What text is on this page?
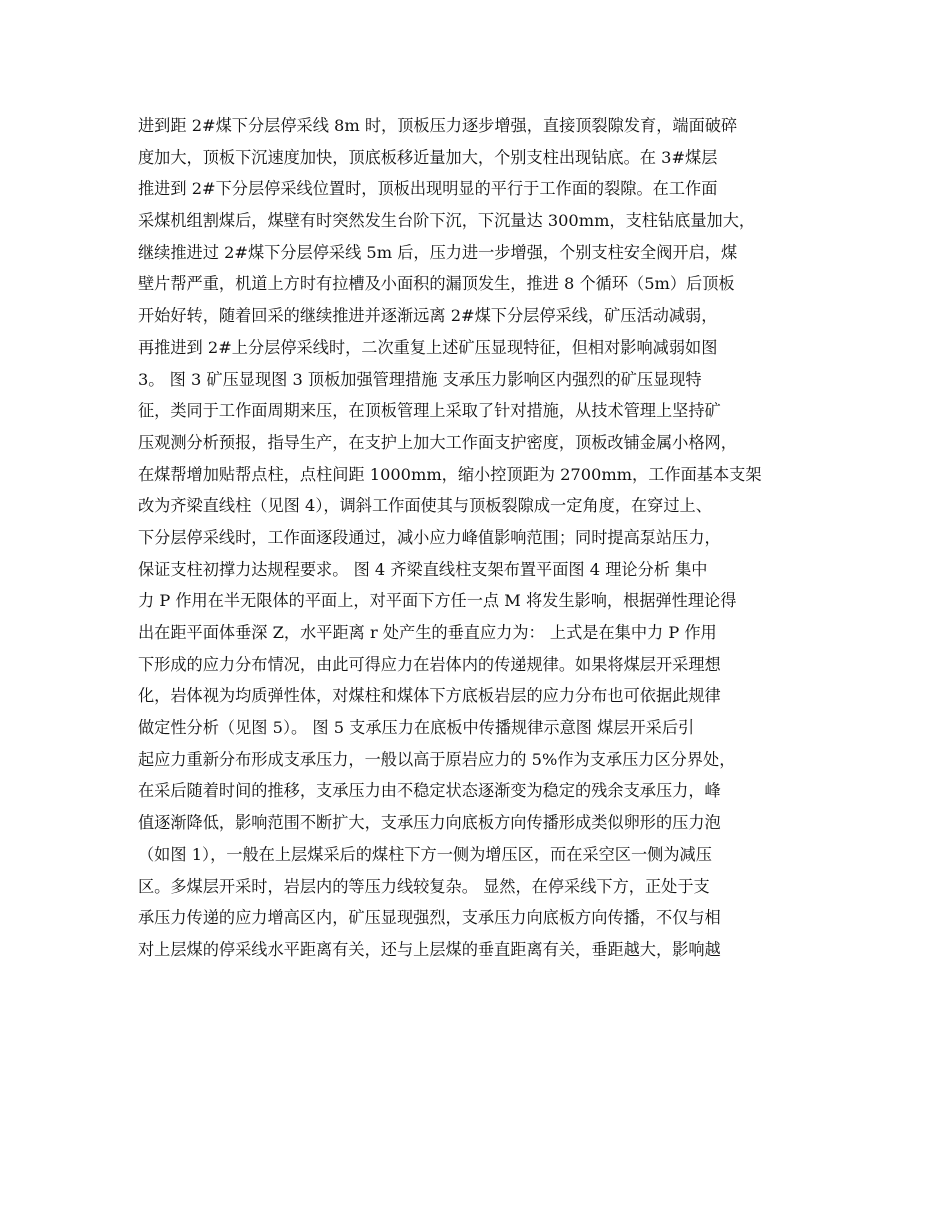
进到距 2#煤下分层停采线 8m 时，顶板压力逐步增强，直接顶裂隙发育，端面破碎
度加大，顶板下沉速度加快，顶底板移近量加大，个别支柱出现钻底。在 3#煤层
推进到 2#下分层停采线位置时，顶板出现明显的平行于工作面的裂隙。在工作面
采煤机组割煤后，煤壁有时突然发生台阶下沉，下沉量达 300mm，支柱钻底量加大，
继续推进过 2#煤下分层停采线 5m 后，压力进一步增强，个别支柱安全阀开启，煤
壁片帮严重，机道上方时有拉槽及小面积的漏顶发生，推进 8 个循环（5m）后顶板
开始好转，随着回采的继续推进并逐渐远离 2#煤下分层停采线，矿压活动减弱，
再推进到 2#上分层停采线时，二次重复上述矿压显现特征，但相对影响减弱如图
3。 图 3 矿压显现图 3 顶板加强管理措施 支承压力影响区内强烈的矿压显现特
征，类同于工作面周期来压，在顶板管理上采取了针对措施，从技术管理上坚持矿
压观测分析预报，指导生产，在支护上加大工作面支护密度，顶板改铺金属小格网，
在煤帮增加贴帮点柱，点柱间距 1000mm，缩小控顶距为 2700mm，工作面基本支架
改为齐梁直线柱（见图 4），调斜工作面使其与顶板裂隙成一定角度，在穿过上、
下分层停采线时，工作面逐段通过，减小应力峰值影响范围；同时提高泵站压力，
保证支柱初撑力达规程要求。 图 4 齐梁直线柱支架布置平面图 4 理论分析 集中
力 P 作用在半无限体的平面上，对平面下方任一点 M 将发生影响，根据弹性理论得
出在距平面体垂深 Z，水平距离 r 处产生的垂直应力为： 上式是在集中力 P 作用
下形成的应力分布情况，由此可得应力在岩体内的传递规律。如果将煤层开采理想
化，岩体视为均质弹性体，对煤柱和煤体下方底板岩层的应力分布也可依据此规律
做定性分析（见图 5）。 图 5 支承压力在底板中传播规律示意图 煤层开采后引
起应力重新分布形成支承压力，一般以高于原岩应力的 5%作为支承压力区分界处，
在采后随着时间的推移，支承压力由不稳定状态逐渐变为稳定的残余支承压力，峰
值逐渐降低，影响范围不断扩大，支承压力向底板方向传播形成类似卵形的压力泡
（如图 1），一般在上层煤采后的煤柱下方一侧为增压区，而在采空区一侧为减压
区。多煤层开采时，岩层内的等压力线较复杂。 显然，在停采线下方，正处于支
承压力传递的应力增高区内，矿压显现强烈，支承压力向底板方向传播，不仅与相
对上层煤的停采线水平距离有关，还与上层煤的垂直距离有关，垂距越大，影响越
